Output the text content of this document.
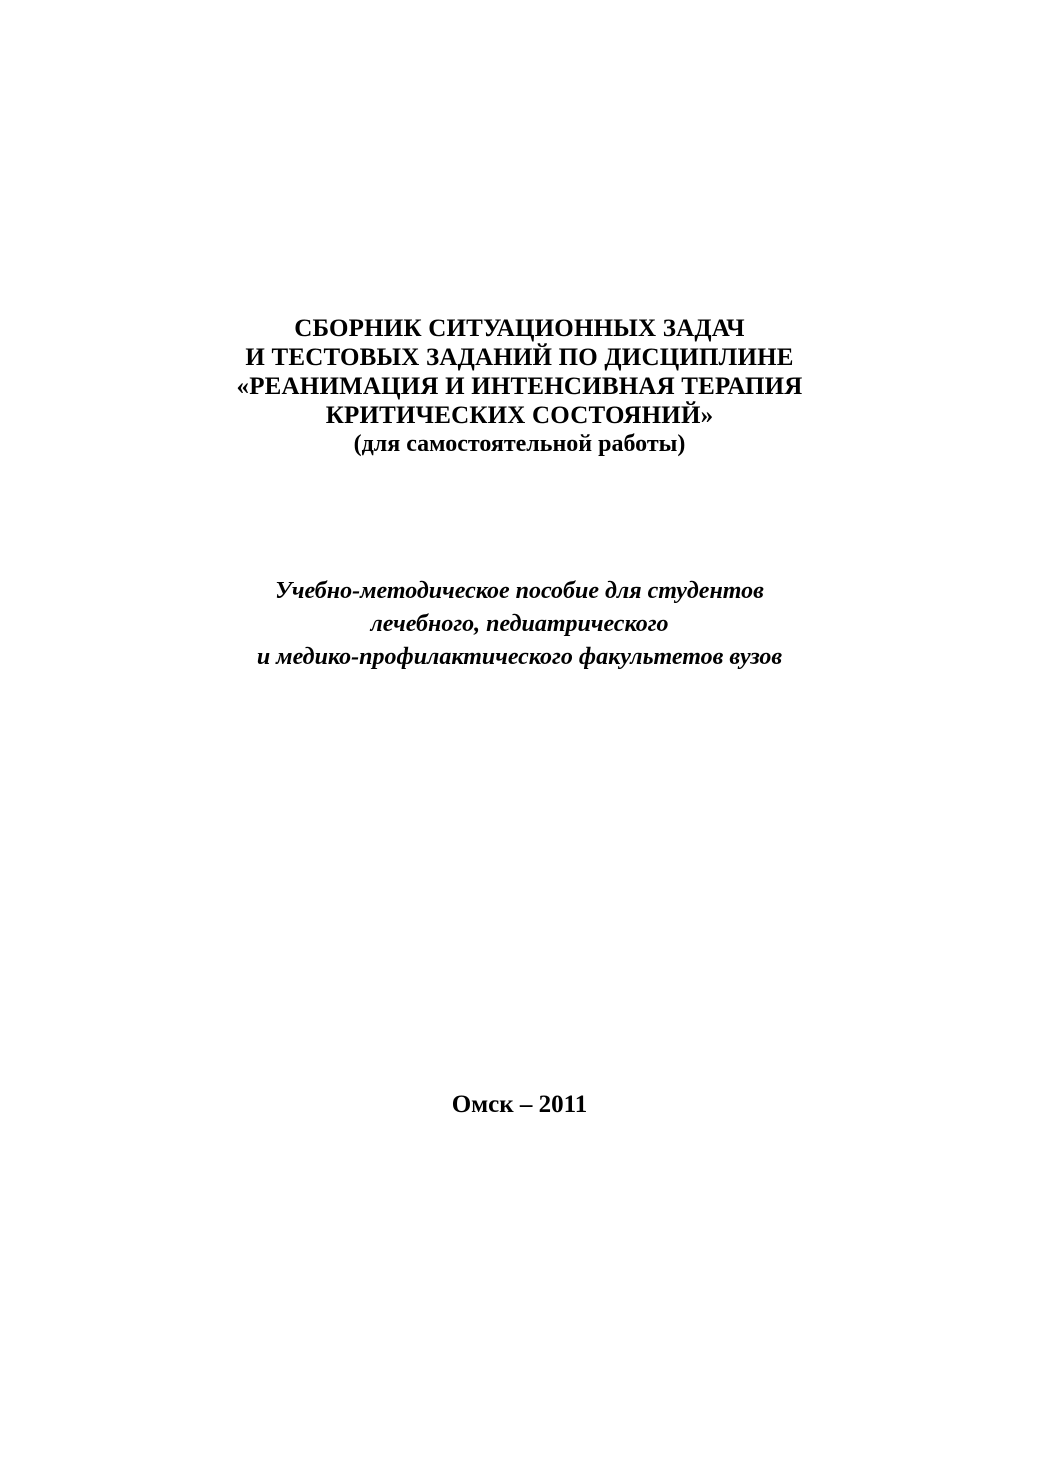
СБОРНИК СИТУАЦИОННЫХ ЗАДАЧ
И ТЕСТОВЫХ ЗАДАНИЙ ПО ДИСЦИПЛИНЕ
«РЕАНИМАЦИЯ И ИНТЕНСИВНАЯ ТЕРАПИЯ
КРИТИЧЕСКИХ СОСТОЯНИЙ»
(для самостоятельной работы)
Учебно-методическое пособие для студентов
лечебного, педиатрического
и медико-профилактического факультетов вузов
Омск – 2011
